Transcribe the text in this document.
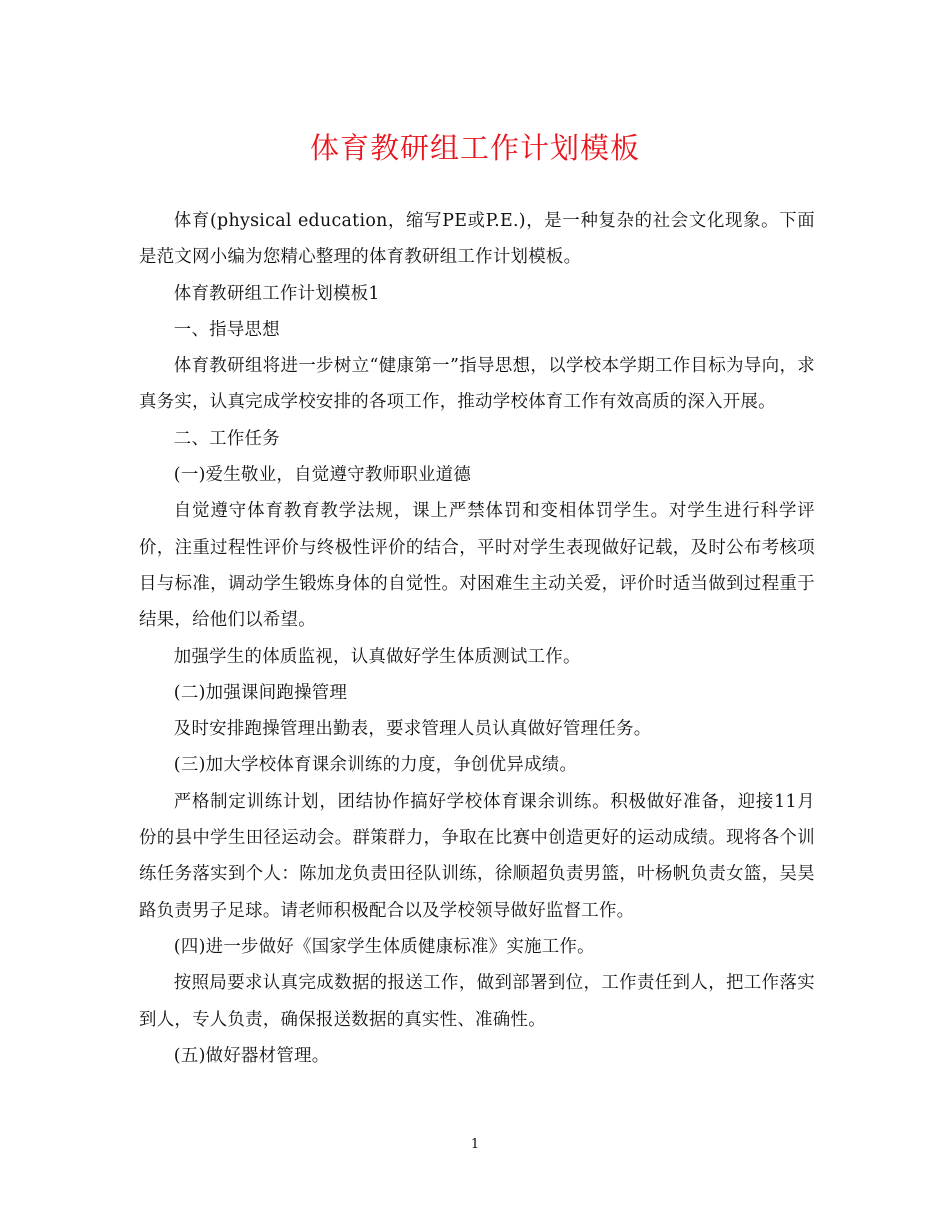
体育教研组工作计划模板

体育(physical education，缩写PE或P.E.)，是一种复杂的社会文化现象。下面是范文网小编为您精心整理的体育教研组工作计划模板。

体育教研组工作计划模板1

一、指导思想

体育教研组将进一步树立“健康第一”指导思想，以学校本学期工作目标为导向，求真务实，认真完成学校安排的各项工作，推动学校体育工作有效高质的深入开展。

二、工作任务

(一)爱生敬业，自觉遵守教师职业道德

自觉遵守体育教育教学法规，课上严禁体罚和变相体罚学生。对学生进行科学评价，注重过程性评价与终极性评价的结合，平时对学生表现做好记载，及时公布考核项目与标准，调动学生锻炼身体的自觉性。对困难生主动关爱，评价时适当做到过程重于结果，给他们以希望。

加强学生的体质监视，认真做好学生体质测试工作。

(二)加强课间跑操管理

及时安排跑操管理出勤表，要求管理人员认真做好管理任务。

(三)加大学校体育课余训练的力度，争创优异成绩。

严格制定训练计划，团结协作搞好学校体育课余训练。积极做好准备，迎接11月份的县中学生田径运动会。群策群力，争取在比赛中创造更好的运动成绩。现将各个训练任务落实到个人：陈加龙负责田径队训练，徐顺超负责男篮，叶杨帆负责女篮，吴昊路负责男子足球。请老师积极配合以及学校领导做好监督工作。

(四)进一步做好《国家学生体质健康标准》实施工作。

按照局要求认真完成数据的报送工作，做到部署到位，工作责任到人，把工作落实到人，专人负责，确保报送数据的真实性、准确性。

(五)做好器材管理。

1
